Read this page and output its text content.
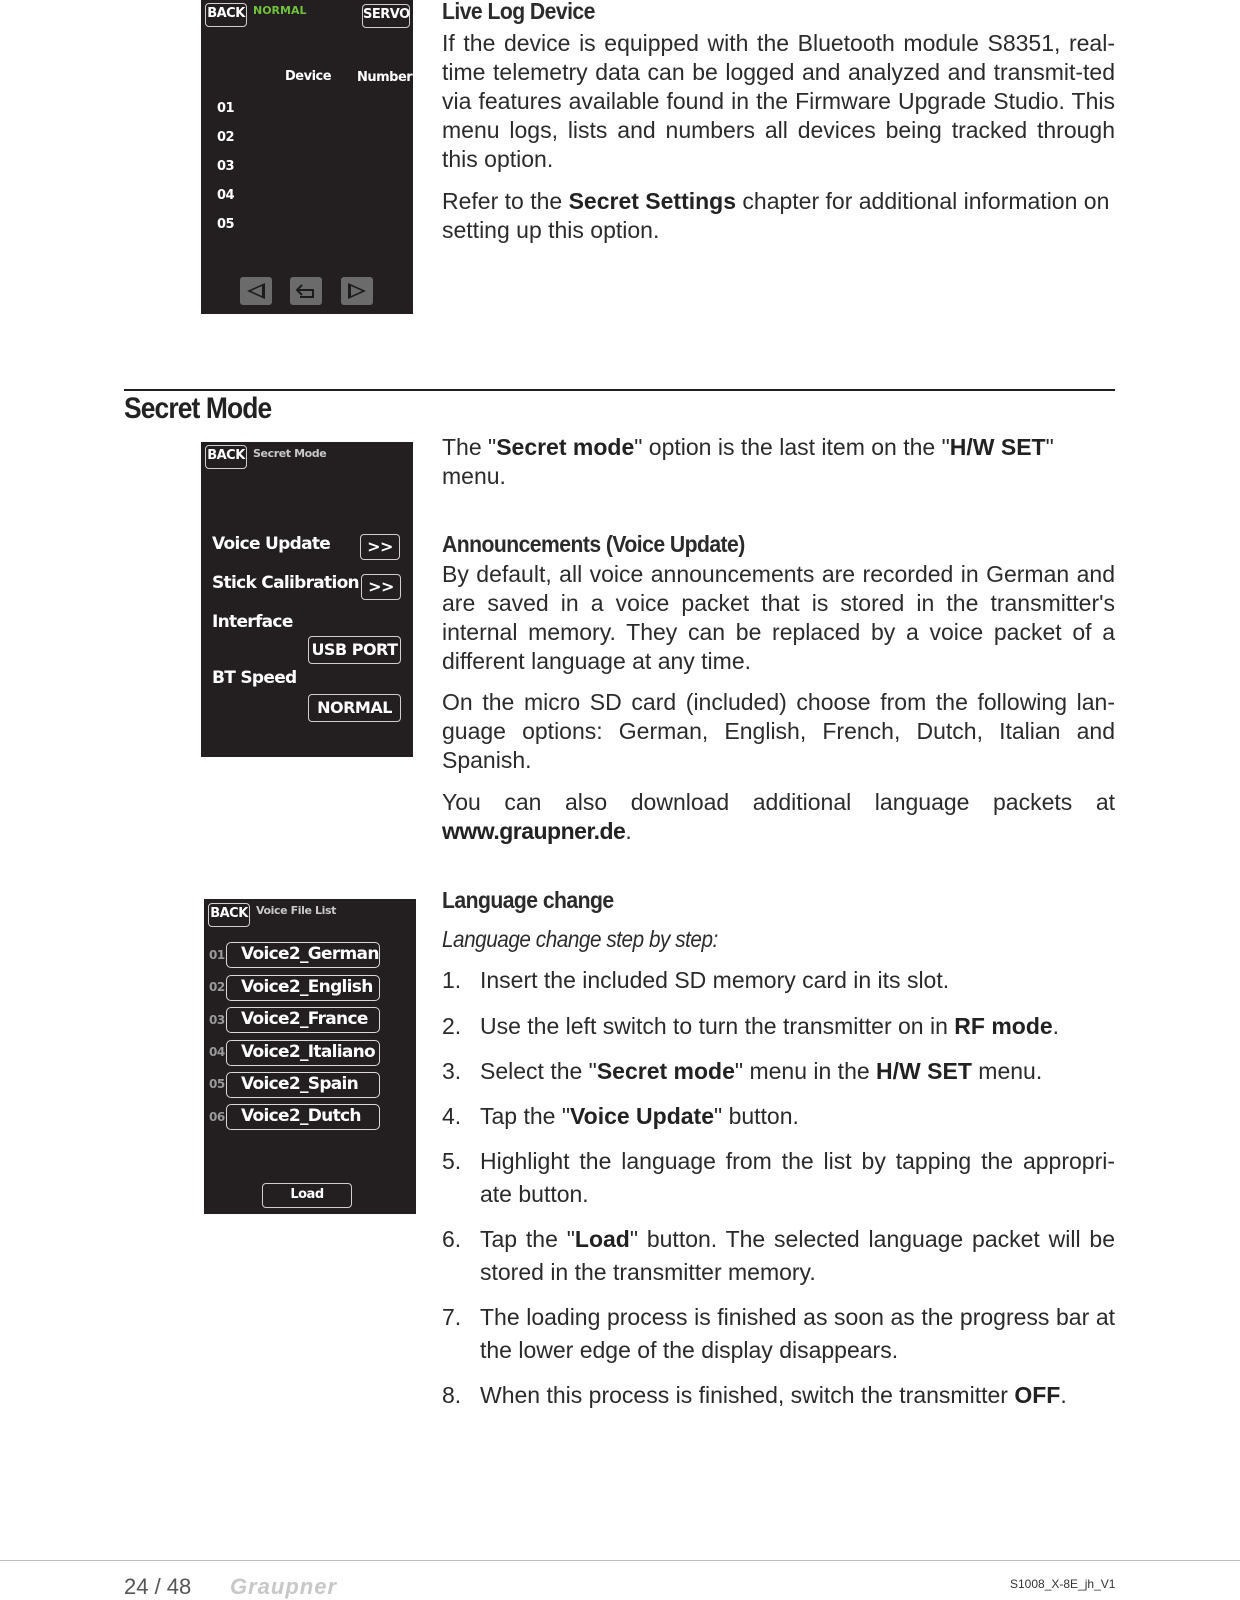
BACK NORMAL	SERVO
Device Number
01
02
03
04
05
Live Log Device
If the device is equipped with the Bluetooth module S8351, real-time telemetry data can be logged and analyzed and transmit-ted via features available found in the Firmware Upgrade Studio. This menu logs, lists and numbers all devices being tracked through this option.
Refer to the Secret Settings chapter for additional information on setting up this option.
Secret Mode
BACK Secret Mode
Voice Update	>>
Stick Calibration >>
Interface
USB PORT
BT Speed
NORMAL
The "Secret mode" option is the last item on the "H/W SET" menu.
Announcements (Voice Update)
By default, all voice announcements are recorded in German and are saved in a voice packet that is stored in the transmitter's internal memory. They can be replaced by a voice packet of a different language at any time.
On the micro SD card (included) choose from the following lan-guage options: German, English, French, Dutch, Italian and Spanish.
You can also download additional language packets at www.graupner.de.
BACK Voice File List
01 Voice2_German
02 Voice2_English
03 Voice2_France
04 Voice2_Italiano
05 Voice2_Spain
06 Voice2_Dutch
Load
Language change
Language change step by step:
1. Insert the included SD memory card in its slot.
2. Use the left switch to turn the transmitter on in RF mode.
3. Select the "Secret mode" menu in the H/W SET menu.
4. Tap the "Voice Update" button.
5. Highlight the language from the list by tapping the appropri-ate button.
6. Tap the "Load" button. The selected language packet will be stored in the transmitter memory.
7. The loading process is finished as soon as the progress bar at the lower edge of the display disappears.
8. When this process is finished, switch the transmitter OFF.
24 / 48 Graupner	S1008_X-8E_jh_V1
